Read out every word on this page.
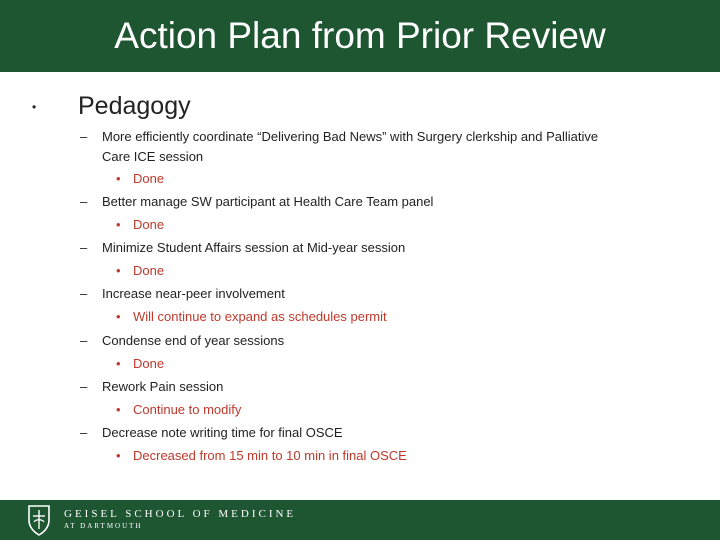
Action Plan from Prior Review
• Pedagogy
– More efficiently coordinate “Delivering Bad News” with Surgery clerkship and Palliative
Care ICE session
• Done
– Better manage SW participant at Health Care Team panel
• Done
– Minimize Student Affairs session at Mid-year session
• Done
– Increase near-peer involvement
• Will continue to expand as schedules permit
– Condense end of year sessions
• Done
– Rework Pain session
• Continue to modify
– Decrease note writing time for final OSCE
• Decreased from 15 min to 10 min in final OSCE
GEISEL SCHOOL OF MEDICINE
AT DARTMOUTH
